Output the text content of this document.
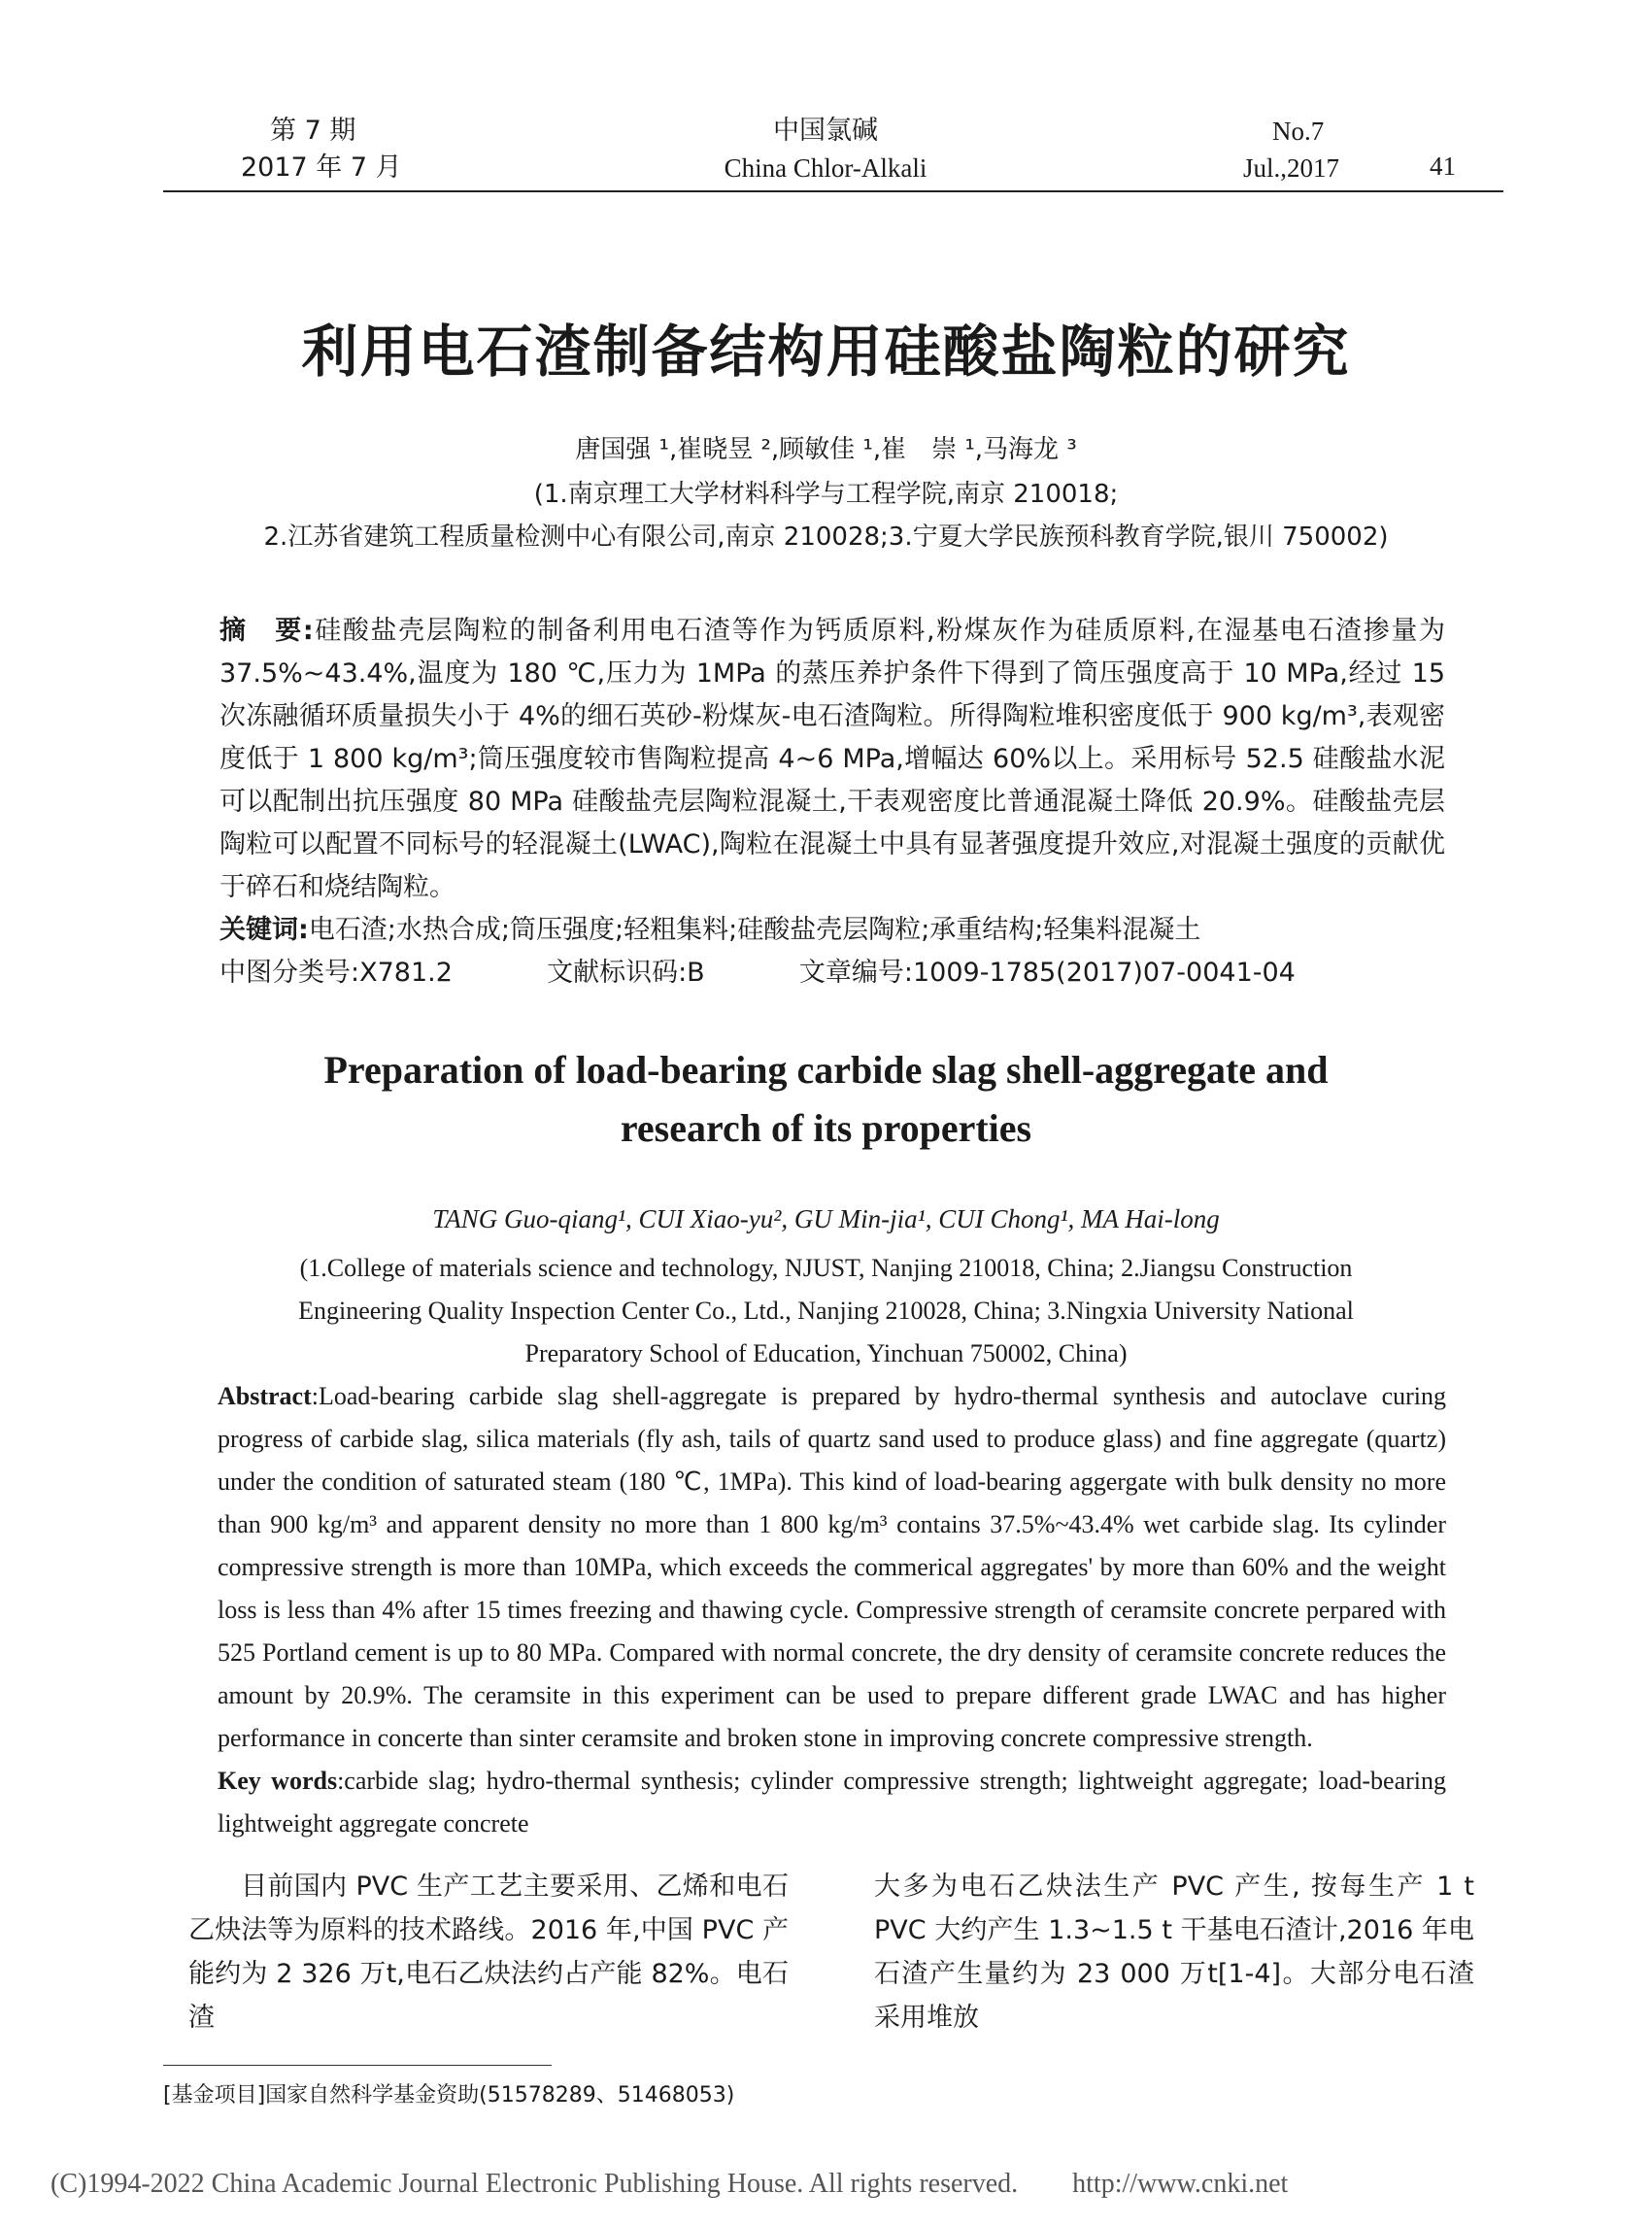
第 7 期
2017 年 7 月
中国氯碱
China Chlor-Alkali
No.7
Jul.,2017	41
利用电石渣制备结构用硅酸盐陶粒的研究
唐国强 ¹,崔晓昱 ²,顾敏佳 ¹,崔　崇 ¹,马海龙 ³
(1.南京理工大学材料科学与工程学院,南京 210018;
2.江苏省建筑工程质量检测中心有限公司,南京 210028;3.宁夏大学民族预科教育学院,银川 750002)

摘　要:硅酸盐壳层陶粒的制备利用电石渣等作为钙质原料,粉煤灰作为硅质原料,在湿基电石渣掺量为 37.5%~43.4%,温度为 180 ℃,压力为 1MPa 的蒸压养护条件下得到了筒压强度高于 10 MPa,经过 15 次冻融循环质量损失小于 4%的细石英砂-粉煤灰-电石渣陶粒。所得陶粒堆积密度低于 900 kg/m³,表观密度低于 1 800 kg/m³;筒压强度较市售陶粒提高 4~6 MPa,增幅达 60%以上。采用标号 52.5 硅酸盐水泥可以配制出抗压强度 80 MPa 硅酸盐壳层陶粒混凝土,干表观密度比普通混凝土降低 20.9%。硅酸盐壳层陶粒可以配置不同标号的轻混凝土(LWAC),陶粒在混凝土中具有显著强度提升效应,对混凝土强度的贡献优于碎石和烧结陶粒。

关键词:电石渣;水热合成;筒压强度;轻粗集料;硅酸盐壳层陶粒;承重结构;轻集料混凝土

中图分类号:X781.2	文献标识码:B	文章编号:1009-1785(2017)07-0041-04

Preparation of load-bearing carbide slag shell-aggregate and
research of its properties
TANG Guo-qiang¹, CUI Xiao-yu², GU Min-jia¹, CUI Chong¹, MA Hai-long
(1.College of materials science and technology, NJUST, Nanjing 210018, China; 2.Jiangsu Construction
Engineering Quality Inspection Center Co., Ltd., Nanjing 210028, China; 3.Ningxia University National
Preparatory School of Education, Yinchuan 750002, China)

Abstract:Load-bearing carbide slag shell-aggregate is prepared by hydro-thermal synthesis and autoclave curing progress of carbide slag, silica materials (fly ash, tails of quartz sand used to produce glass) and fine aggregate (quartz) under the condition of saturated steam (180 ℃, 1MPa). This kind of load-bearing aggergate with bulk density no more than 900 kg/m³ and apparent density no more than 1 800 kg/m³ contains 37.5%~43.4% wet carbide slag. Its cylinder compressive strength is more than 10MPa, which exceeds the commerical aggregates' by more than 60% and the weight loss is less than 4% after 15 times freezing and thawing cycle. Compressive strength of ceramsite concrete perpared with 525 Portland cement is up to 80 MPa. Compared with normal concrete, the dry density of ceramsite concrete reduces the amount by 20.9%. The ceramsite in this experiment can be used to prepare different grade LWAC and has higher performance in concerte than sinter ceramsite and broken stone in improving concrete compressive strength.

Key words:carbide slag; hydro-thermal synthesis; cylinder compressive strength; lightweight aggregate; load-bearing lightweight aggregate concrete

目前国内 PVC 生产工艺主要采用、乙烯和电石乙炔法等为原料的技术路线。2016 年,中国 PVC 产能约为 2 326 万t,电石乙炔法约占产能 82%。电石渣

大多为电石乙炔法生产 PVC 产生, 按每生产 1 t PVC 大约产生 1.3~1.5 t 干基电石渣计,2016 年电石渣产生量约为 23 000 万t[1-4]。大部分电石渣采用堆放

[基金项目]国家自然科学基金资助(51578289、51468053)
(C)1994-2022 China Academic Journal Electronic Publishing House. All rights reserved.　　http://www.cnki.net
